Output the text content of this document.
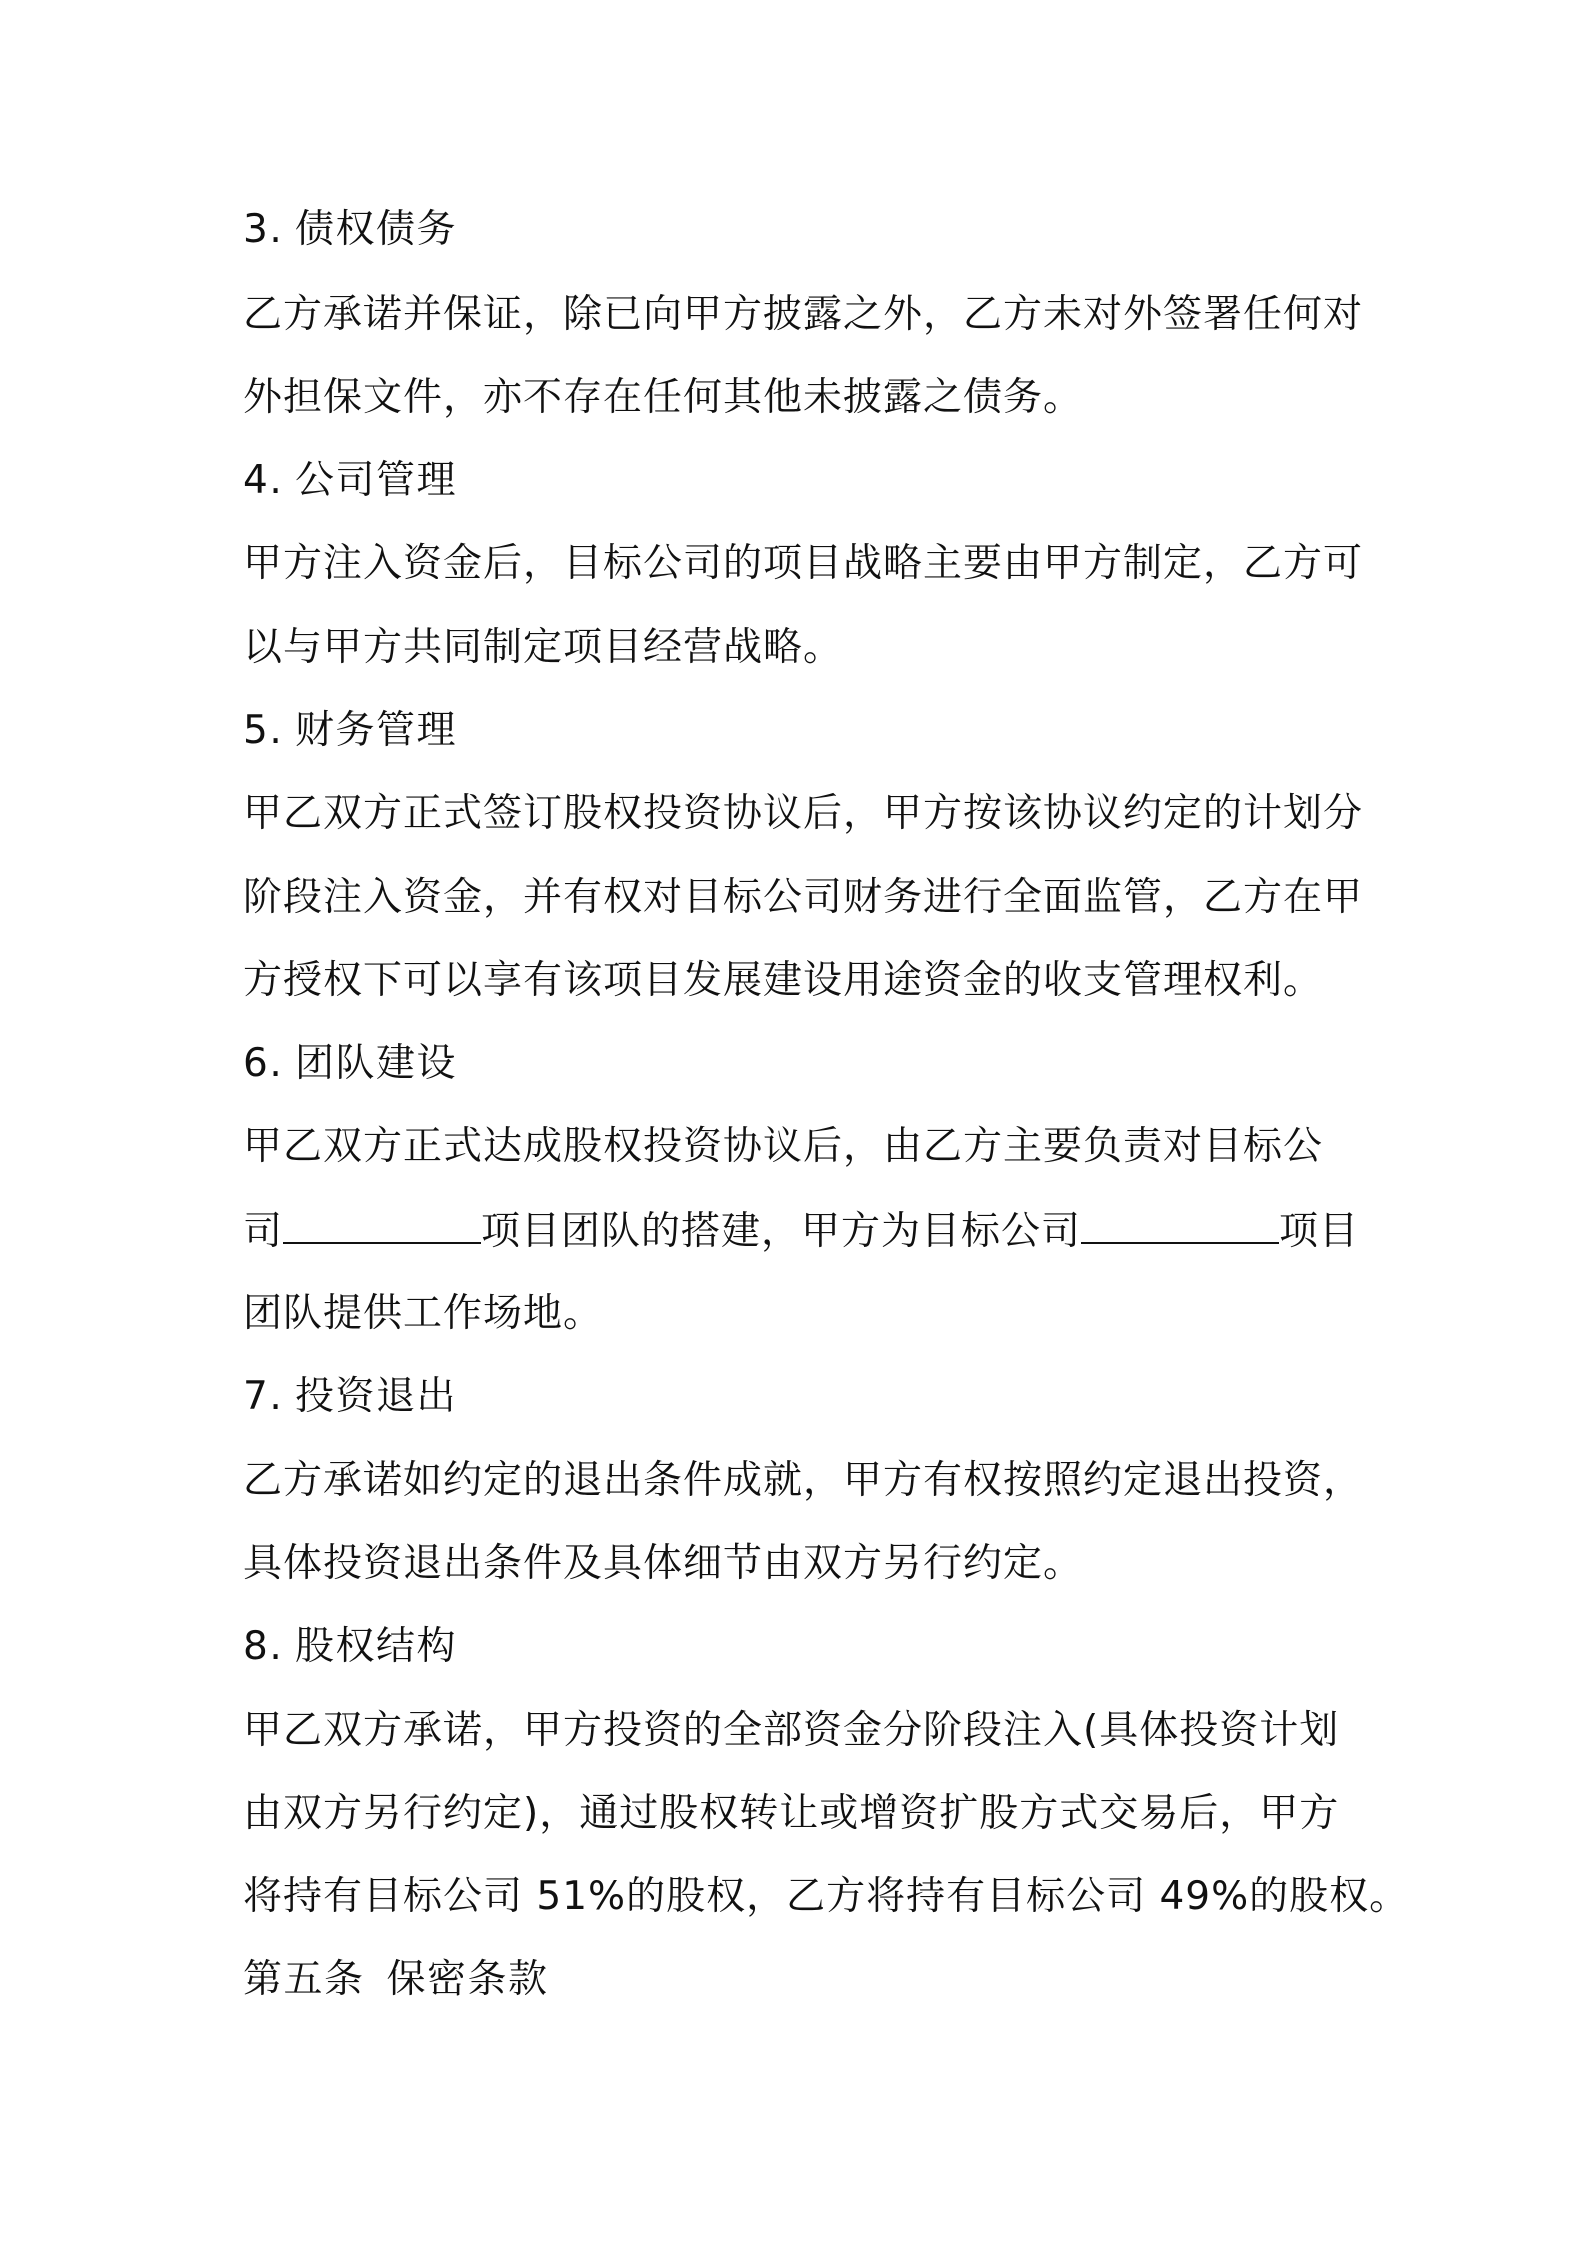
3. 债权债务
乙方承诺并保证，除已向甲方披露之外，乙方未对外签署任何对
外担保文件，亦不存在任何其他未披露之债务。
4. 公司管理
甲方注入资金后，目标公司的项目战略主要由甲方制定，乙方可
以与甲方共同制定项目经营战略。
5. 财务管理
甲乙双方正式签订股权投资协议后，甲方按该协议约定的计划分
阶段注入资金，并有权对目标公司财务进行全面监管，乙方在甲
方授权下可以享有该项目发展建设用途资金的收支管理权利。
6. 团队建设
甲乙双方正式达成股权投资协议后，由乙方主要负责对目标公
司	项目团队的搭建，甲方为目标公司	项目
团队提供工作场地。
7. 投资退出
乙方承诺如约定的退出条件成就，甲方有权按照约定退出投资，
具体投资退出条件及具体细节由双方另行约定。
8. 股权结构
甲乙双方承诺，甲方投资的全部资金分阶段注入(具体投资计划
由双方另行约定)，通过股权转让或增资扩股方式交易后，甲方
将持有目标公司 51%的股权，乙方将持有目标公司 49%的股权。
第五条 保密条款
